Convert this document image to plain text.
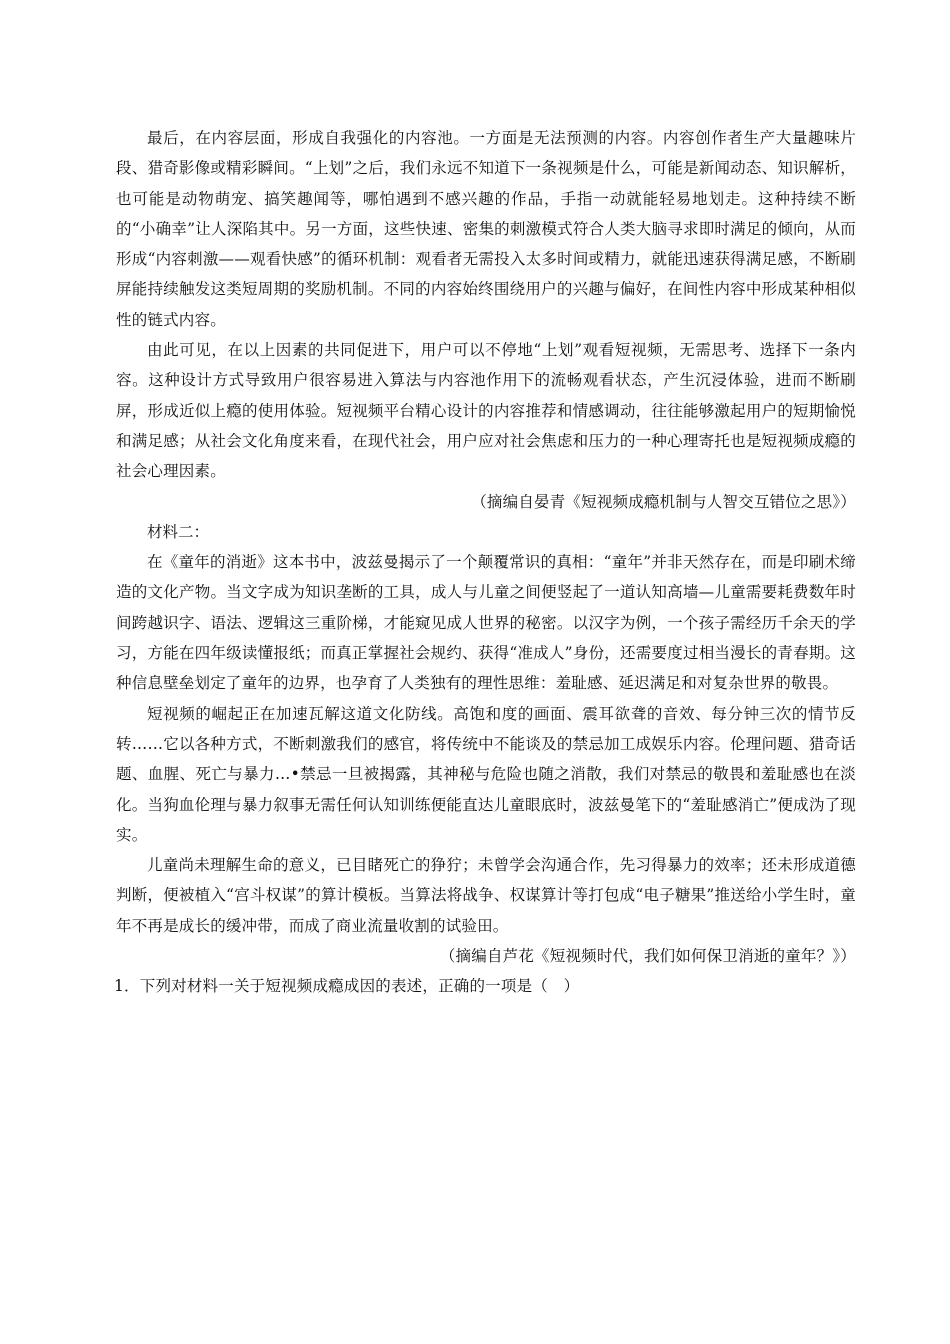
最后，在内容层面，形成自我强化的内容池。一方面是无法预测的内容。内容创作者生产大量趣味片段、猎奇影像或精彩瞬间。“上划”之后，我们永远不知道下一条视频是什么，可能是新闻动态、知识解析，也可能是动物萌宠、搞笑趣闻等，哪怕遇到不感兴趣的作品，手指一动就能轻易地划走。这种持续不断的“小确幸”让人深陷其中。另一方面，这些快速、密集的刺激模式符合人类大脑寻求即时满足的倾向，从而形成“内容刺激——观看快感”的循环机制：观看者无需投入太多时间或精力，就能迅速获得满足感，不断刷屏能持续触发这类短周期的奖励机制。不同的内容始终围绕用户的兴趣与偏好，在间性内容中形成某种相似性的链式内容。

由此可见，在以上因素的共同促进下，用户可以不停地“上划”观看短视频，无需思考、选择下一条内容。这种设计方式导致用户很容易进入算法与内容池作用下的流畅观看状态，产生沉浸体验，进而不断刷屏，形成近似上瘾的使用体验。短视频平台精心设计的内容推荐和情感调动，往往能够激起用户的短期愉悦和满足感；从社会文化角度来看，在现代社会，用户应对社会焦虑和压力的一种心理寄托也是短视频成瘾的社会心理因素。

（摘编自晏青《短视频成瘾机制与人智交互错位之思》）

材料二：

在《童年的消逝》这本书中，波兹曼揭示了一个颠覆常识的真相：“童年”并非天然存在，而是印刷术缔造的文化产物。当文字成为知识垄断的工具，成人与儿童之间便竖起了一道认知高墙—儿童需要耗费数年时间跨越识字、语法、逻辑这三重阶梯，才能窥见成人世界的秘密。以汉字为例，一个孩子需经历千余天的学习，方能在四年级读懂报纸；而真正掌握社会规约、获得“准成人”身份，还需要度过相当漫长的青春期。这种信息壁垒划定了童年的边界，也孕育了人类独有的理性思维：羞耻感、延迟满足和对复杂世界的敬畏。

短视频的崛起正在加速瓦解这道文化防线。高饱和度的画面、震耳欲聋的音效、每分钟三次的情节反转……它以各种方式，不断刺激我们的感官，将传统中不能谈及的禁忌加工成娱乐内容。伦理问题、猎奇话题、血腥、死亡与暴力…•禁忌一旦被揭露，其神秘与危险也随之消散，我们对禁忌的敬畏和羞耻感也在淡化。当狗血伦理与暴力叙事无需任何认知训练便能直达儿童眼底时，波兹曼笔下的“羞耻感消亡”便成沩了现实。

儿童尚未理解生命的意义，已目睹死亡的狰狞；未曾学会沟通合作，先习得暴力的效率；还未形成道德判断，便被植入“宫斗权谋”的算计模板。当算法将战争、权谋算计等打包成“电子糖果”推送给小学生时，童年不再是成长的缓冲带，而成了商业流量收割的试验田。

（摘编自芦花《短视频时代，我们如何保卫消逝的童年？》）

1．下列对材料一关于短视频成瘾成因的表述，正确的一项是（　）
